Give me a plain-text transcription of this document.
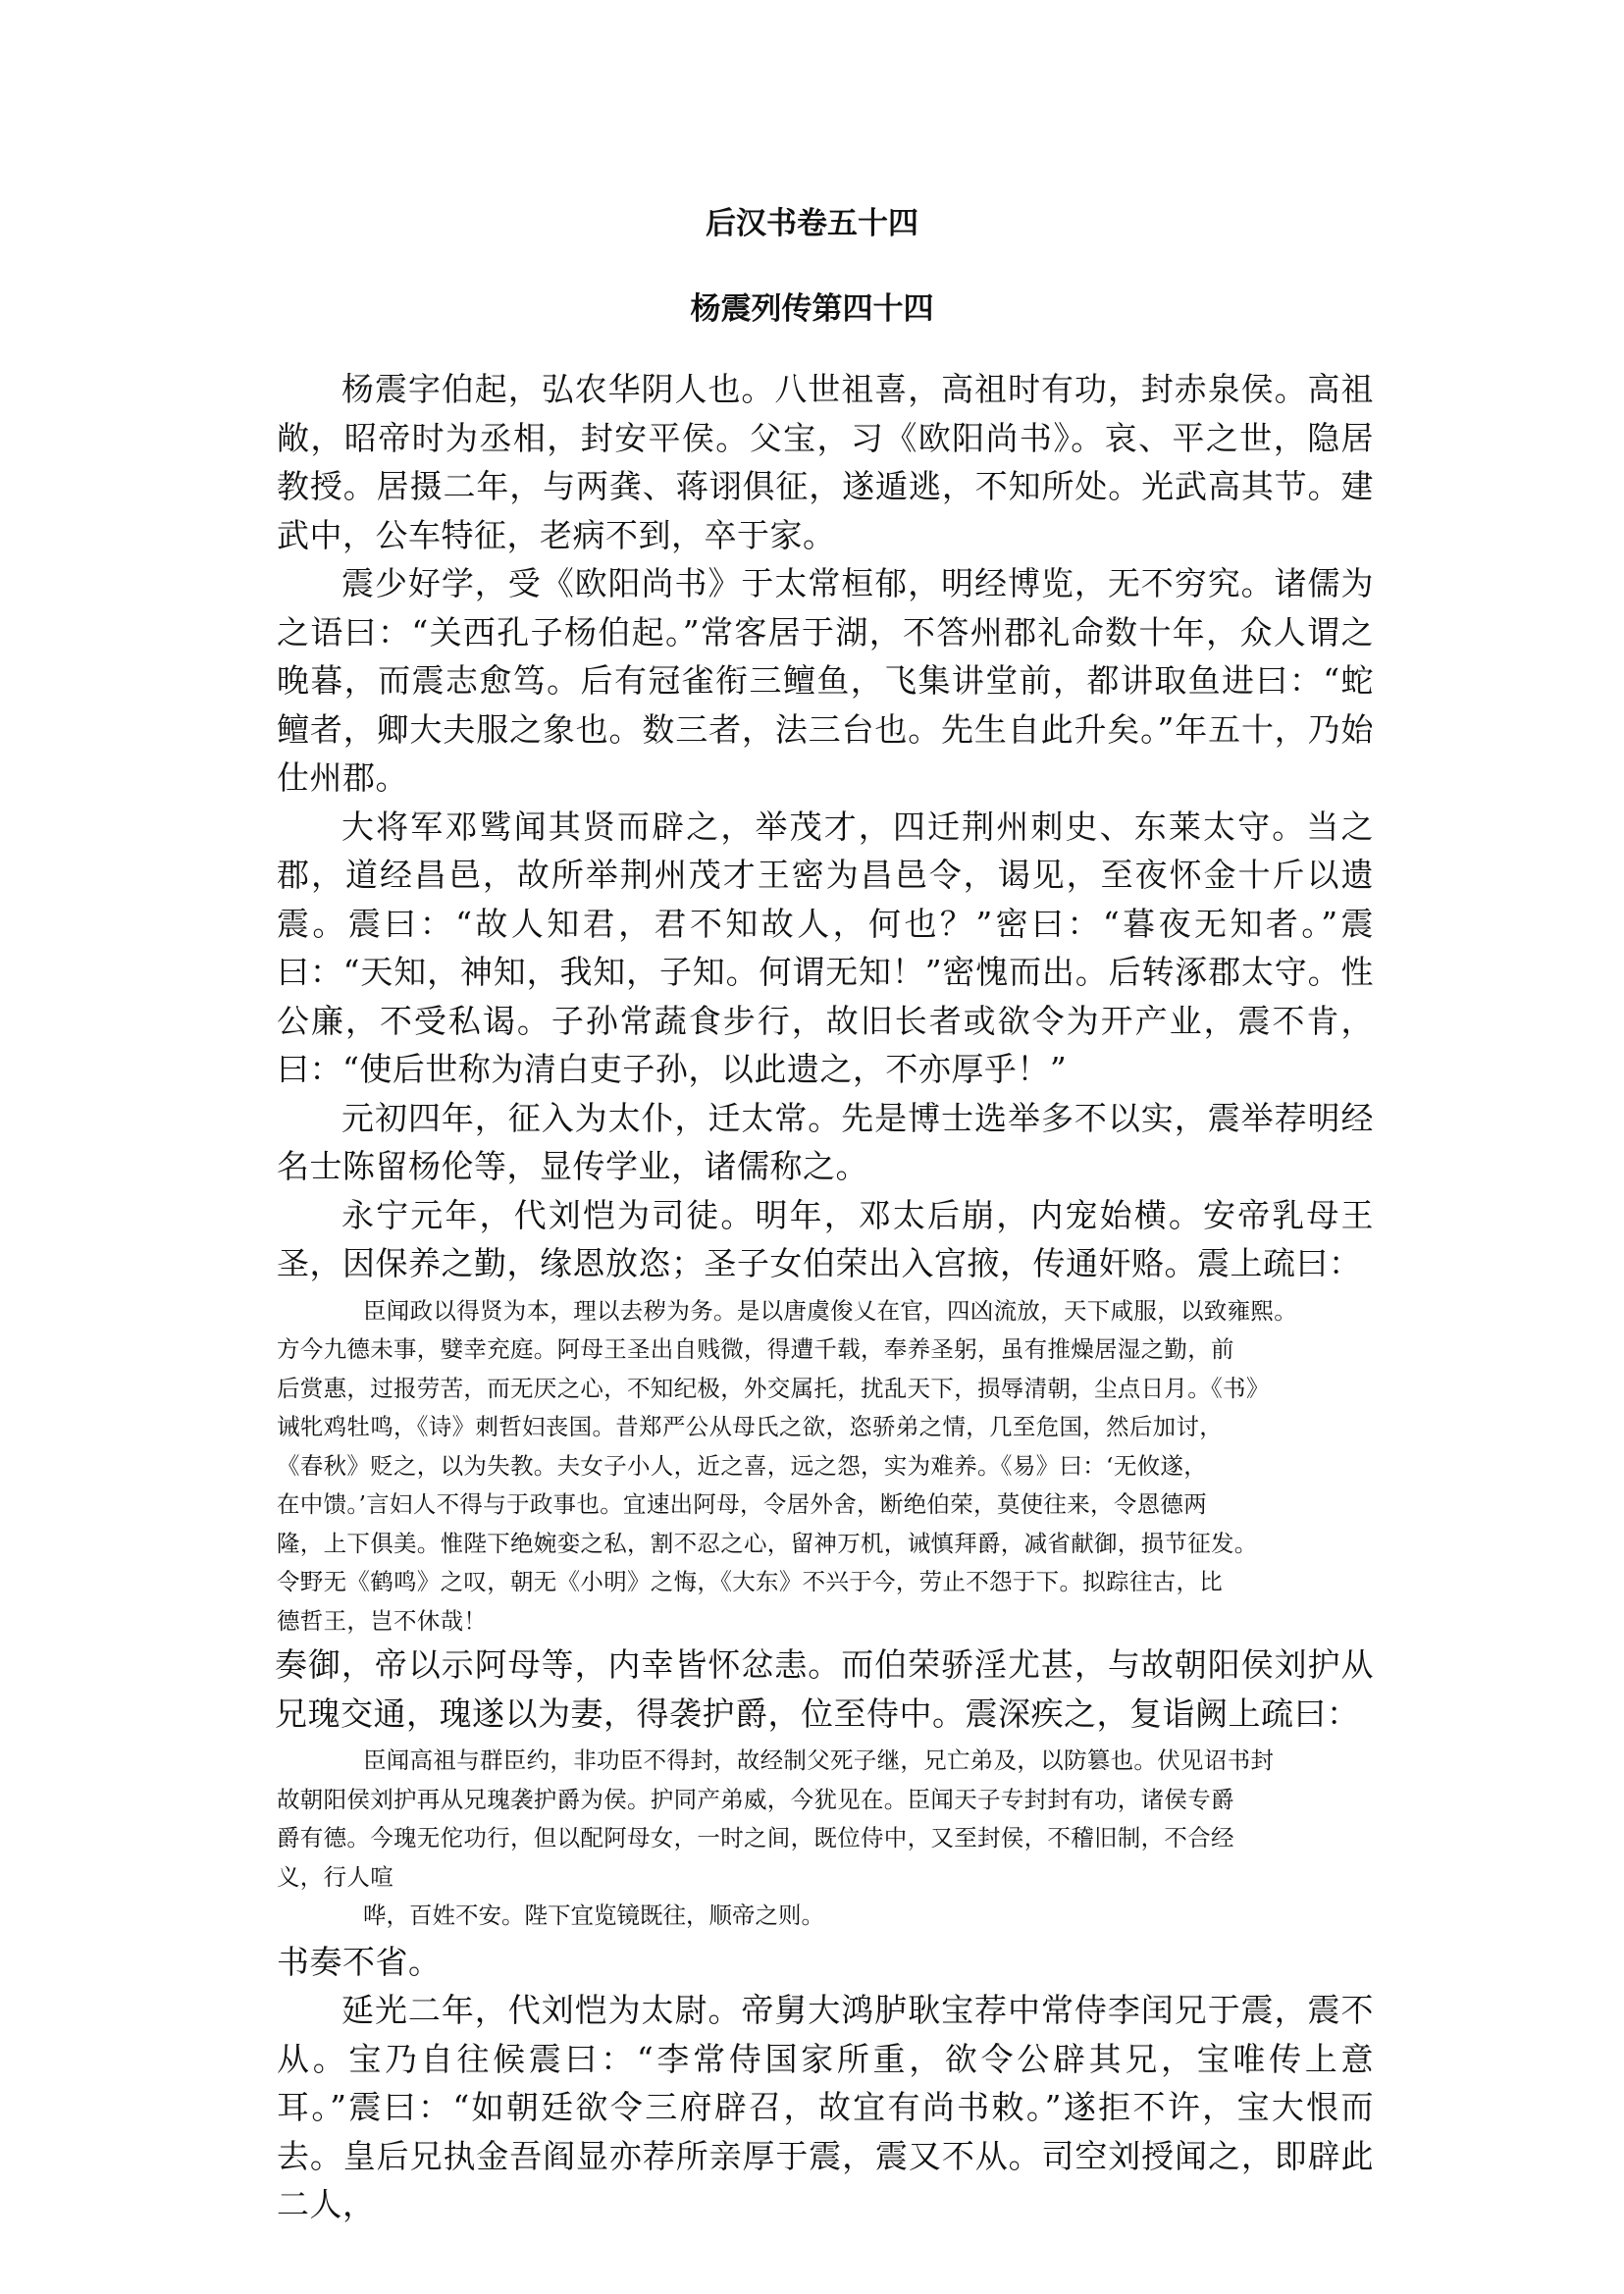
后汉书卷五十四
杨震列传第四十四

杨震字伯起，弘农华阴人也。八世祖喜，高祖时有功，封赤泉侯。高祖敞，昭帝时为丞相，封安平侯。父宝，习《欧阳尚书》。哀、平之世，隐居教授。居摄二年，与两龚、蒋诩俱征，遂遁逃，不知所处。光武高其节。建武中，公车特征，老病不到，卒于家。

震少好学，受《欧阳尚书》于太常桓郁，明经博览，无不穷究。诸儒为之语曰：“关西孔子杨伯起。”常客居于湖，不答州郡礼命数十年，众人谓之晚暮，而震志愈笃。后有冠雀衔三鳣鱼，飞集讲堂前，都讲取鱼进曰：“蛇鳣者，卿大夫服之象也。数三者，法三台也。先生自此升矣。”年五十，乃始仕州郡。

大将军邓骘闻其贤而辟之，举茂才，四迁荆州刺史、东莱太守。当之郡，道经昌邑，故所举荆州茂才王密为昌邑令，谒见，至夜怀金十斤以遗震。震曰：“故人知君，君不知故人，何也？”密曰：“暮夜无知者。”震曰：“天知，神知，我知，子知。何谓无知！”密愧而出。后转涿郡太守。性公廉，不受私谒。子孙常蔬食步行，故旧长者或欲令为开产业，震不肯，曰：“使后世称为清白吏子孙，以此遗之，不亦厚乎！”

元初四年，征入为太仆，迁太常。先是博士选举多不以实，震举荐明经名士陈留杨伦等，显传学业，诸儒称之。

永宁元年，代刘恺为司徒。明年，邓太后崩，内宠始横。安帝乳母王圣，因保养之勤，缘恩放恣；圣子女伯荣出入宫掖，传通奸赂。震上疏曰：

臣闻政以得贤为本，理以去秽为务。是以唐虞俊乂在官，四凶流放，天下咸服，以致雍熙。
方今九德未事，嬖幸充庭。阿母王圣出自贱微，得遭千载，奉养圣躬，虽有推燥居湿之勤，前
后赏惠，过报劳苦，而无厌之心，不知纪极，外交属托，扰乱天下，损辱清朝，尘点日月。《书》
诫牝鸡牡鸣，《诗》刺哲妇丧国。昔郑严公从母氏之欲，恣骄弟之情，几至危国，然后加讨，
《春秋》贬之，以为失教。夫女子小人，近之喜，远之怨，实为难养。《易》曰：‘无攸遂，
在中馈。’言妇人不得与于政事也。宜速出阿母，令居外舍，断绝伯荣，莫使往来，令恩德两
隆，上下俱美。惟陛下绝婉娈之私，割不忍之心，留神万机，诫慎拜爵，减省献御，损节征发。
令野无《鹤鸣》之叹，朝无《小明》之悔，《大东》不兴于今，劳止不怨于下。拟踪往古，比
德哲王，岂不休哉！

奏御，帝以示阿母等，内幸皆怀忿恚。而伯荣骄淫尤甚，与故朝阳侯刘护从兄瑰交通，瑰遂以为妻，得袭护爵，位至侍中。震深疾之，复诣阙上疏曰：

臣闻高祖与群臣约，非功臣不得封，故经制父死子继，兄亡弟及，以防篡也。伏见诏书封
故朝阳侯刘护再从兄瑰袭护爵为侯。护同产弟威，今犹见在。臣闻天子专封封有功，诸侯专爵
爵有德。今瑰无佗功行，但以配阿母女，一时之间，既位侍中，又至封侯，不稽旧制，不合经
义，行人喧
哗，百姓不安。陛下宜览镜既往，顺帝之则。

书奏不省。

延光二年，代刘恺为太尉。帝舅大鸿胪耿宝荐中常侍李闰兄于震，震不从。宝乃自往候震曰：“李常侍国家所重，欲令公辟其兄，宝唯传上意耳。”震曰：“如朝廷欲令三府辟召，故宜有尚书敕。”遂拒不许，宝大恨而去。皇后兄执金吾阎显亦荐所亲厚于震，震又不从。司空刘授闻之，即辟此二人，
